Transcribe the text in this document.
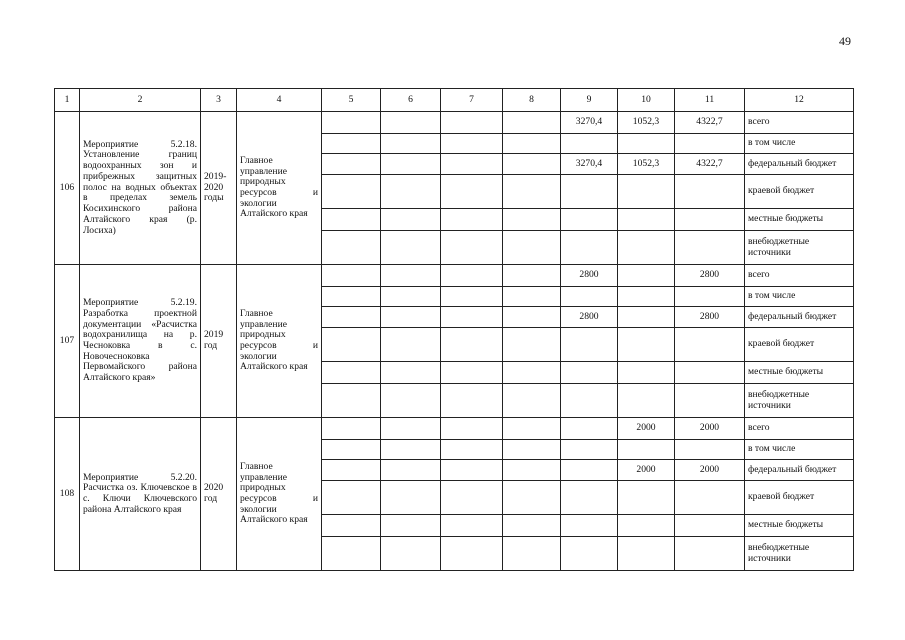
49
1	2	3	4	5	6	7	8	9	10	11	12
106	Мероприятие 5.2.18. Установление границ водоохранных зон и прибрежных защитных полос на водных объектах в пределах земель Косихинского района Алтайского края (р. Лосиха)	2019-2020 годы	Главное управление природных ресурсов и экологии Алтайского края					3270,4	1052,3	4322,7	всего
											в том числе
								3270,4	1052,3	4322,7	федеральный бюджет
											краевой бюджет
											местные бюджеты
											внебюджетные источники
107	Мероприятие 5.2.19. Разработка проектной документации «Расчистка водохранилища на р. Чесноковка в с. Новочесноковка Первомайского района Алтайского края»	2019 год	Главное управление природных ресурсов и экологии Алтайского края					2800		2800	всего
											в том числе
								2800		2800	федеральный бюджет
											краевой бюджет
											местные бюджеты
											внебюджетные источники
108	Мероприятие 5.2.20. Расчистка оз. Ключевское в с. Ключи Ключевского района Алтайского края	2020 год	Главное управление природных ресурсов и экологии Алтайского края						2000	2000	всего
											в том числе
									2000	2000	федеральный бюджет
											краевой бюджет
											местные бюджеты
											внебюджетные источники
